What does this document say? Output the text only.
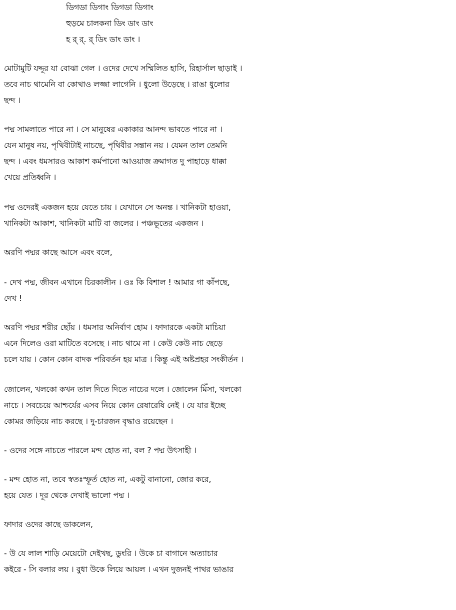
ডিগডা ডিগাং ডিগডা ডিগাং
হুড়মে চালকনা ডিং ডাং ডাং
হ র্‌ র্‌. র্‌ ডিং ডাং ডাং ।
মোটামুটি যদ্দূর যা বোঝা গেল । ওদের দেখে সম্মিলিত হাসি, রিহার্সাল ছাড়াই ।
তবে নাচ থামেনি বা কোথাও লজ্জা লাগেনি । ধুলো উড়েছে । রাঙা ধুলোর
ছন্দ ।
পদ্ম সামলাতে পারে না । সে মানুষের একাকার আনন্দ ভাবতে পারে না ।
যেন মানুষ নয়, পৃথিবীটাই নাচছে, পৃথিবীর সন্তান নয় । যেমন তাল তেমনি
ছন্দ । এবং ধমসারও আকাশ কর্মপানো আওয়াজ ক্রমাগত দু পাহাড়ে ধাক্কা
খেয়ে প্রতিধ্বনি ।
পদ্ম ওদেরই একজন হয়ে যেতে চায় । যেখানে সে অনন্ত । খানিকটা হাওয়া,
খানিকটা আকাশ, খানিকটা মাটি বা জলের । পঞ্চভূতের একজন ।
অরণি পদ্মর কাছে আসে এবং বলে,
- দেখ পদ্ম, জীবন এখানে চিরকালীন । ওঃ কি বিশাল ! আমার গা কাঁপছে,
দেখ !
অরণি পদ্মর শরীর ছোঁয় । ধমসার অনির্বাণ হোম । ফাদারকে একটা মাচিয়া
এনে দিলেও ওরা মাটিতে বসেছে । নাচ থামে না । কেউ কেউ নাচ ছেড়ে
চলে যায় । কোন কোন বাদক পরিবর্তন হয় মাত্র । কিন্তু এই অষ্টপ্রহর সংকীর্তন ।
জোলেন, খলকো কখন তাল দিতে দিতে নাচের দলে । জোলেন মিঁসা, খলকো
নাচে । সবচেয়ে আশ্চর্যের এসব নিয়ে কোন রেষারেষি নেই । যে যার ইচ্ছে
কোমর জড়িয়ে নাচ করছে । দু-চারজন বৃদ্ধাও রয়েছেন ।
- ওদের সঙ্গে নাচতে পারলে মন্দ হোত না, বল ? পদ্ম উৎসাহী ।
- মন্দ হোত না, তবে স্বতঃস্ফূর্ত হোত না, একটু বানানো, জোর করে,
হয়ে যেত । দূর থেকে দেখাই ভালো পদ্ম ।
ফাদার ওদের কাছে ডাকলেন,
- উ যে লাল শাড়ি মেয়েটো দেইখছ, ডুংরি । উকে চা বাগানে অত্যাচার
কইরে - সি বলার লয় । বুধা উকে লিয়ে আয়ল । এখন দুজনই পাথর ভাঙার
